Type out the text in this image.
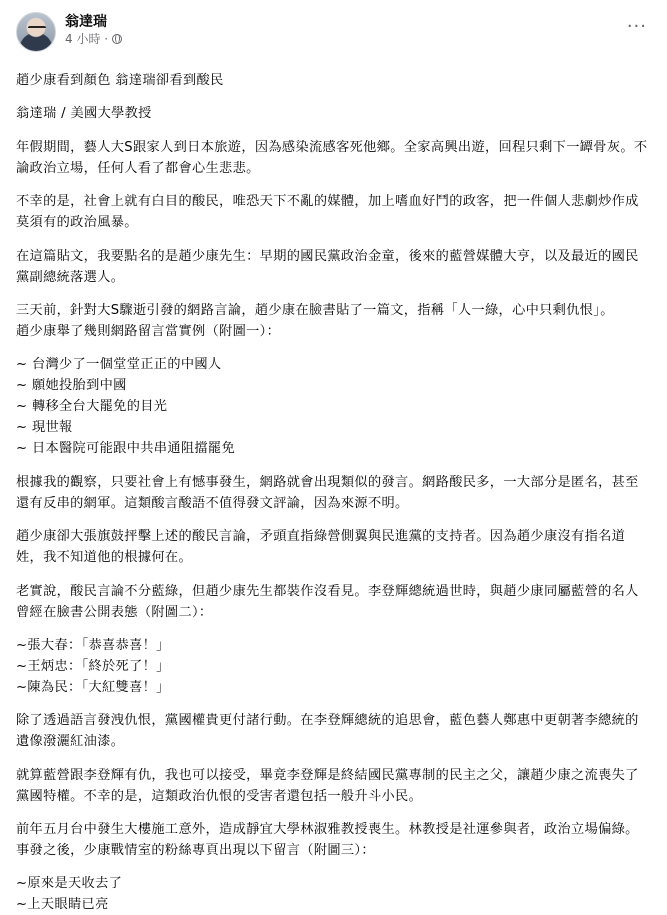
翁達瑞
4 小時 ·
···

趙少康看到顏色 翁達瑞卻看到酸民

翁達瑞 / 美國大學教授

年假期間，藝人大S跟家人到日本旅遊，因為感染流感客死他鄉。全家高興出遊，回程只剩下一罈骨灰。不論政治立場，任何人看了都會心生悲悲。

不幸的是，社會上就有白目的酸民，唯恐天下不亂的媒體，加上嗜血好鬥的政客，把一件個人悲劇炒作成莫須有的政治風暴。

在這篇貼文，我要點名的是趙少康先生：早期的國民黨政治金童，後來的藍營媒體大亨，以及最近的國民黨副總統落選人。

三天前，針對大S驟逝引發的網路言論，趙少康在臉書貼了一篇文，指稱「人一綠，心中只剩仇恨」。
趙少康舉了幾則網路留言當實例（附圖一）：

~ 台灣少了一個堂堂正正的中國人
~ 願她投胎到中國
~ 轉移全台大罷免的目光
~ 現世報
~ 日本醫院可能跟中共串通阻擋罷免

根據我的觀察，只要社會上有憾事發生，網路就會出現類似的發言。網路酸民多，一大部分是匿名，甚至還有反串的網軍。這類酸言酸語不值得發文評論，因為來源不明。

趙少康卻大張旗鼓抨擊上述的酸民言論，矛頭直指綠營側翼與民進黨的支持者。因為趙少康沒有指名道姓，我不知道他的根據何在。

老實說，酸民言論不分藍綠，但趙少康先生都裝作沒看見。李登輝總統過世時，與趙少康同屬藍營的名人曾經在臉書公開表態（附圖二）：

~張大春：「恭喜恭喜！」
~王炳忠：「終於死了！」
~陳為民：「大紅雙喜！」

除了透過語言發洩仇恨，黨國權貴更付諸行動。在李登輝總統的追思會，藍色藝人鄭惠中更朝著李總統的遺像潑灑紅油漆。

就算藍營跟李登輝有仇，我也可以接受，畢竟李登輝是終結國民黨專制的民主之父，讓趙少康之流喪失了黨國特權。不幸的是，這類政治仇恨的受害者還包括一般升斗小民。

前年五月台中發生大樓施工意外，造成靜宜大學林淑雅教授喪生。林教授是社運參與者，政治立場偏綠。事發之後，少康戰情室的粉絲專頁出現以下留言（附圖三）：

~原來是天收去了
~上天眼睛已亮
